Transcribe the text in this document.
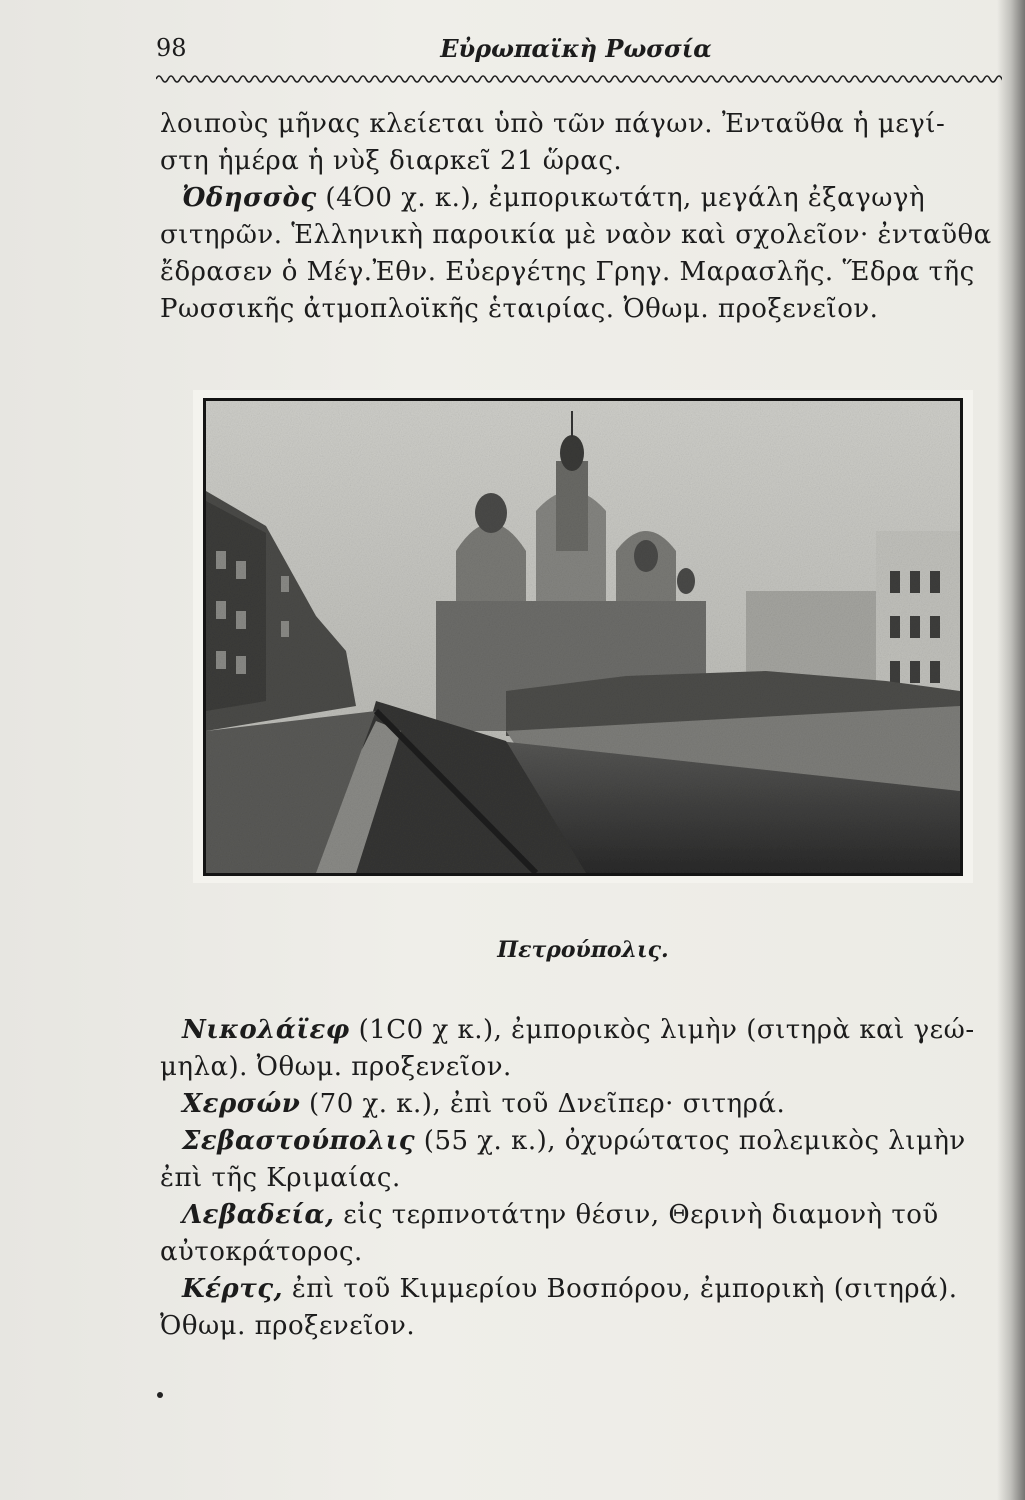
98	Εὐρωπαϊκὴ Ρωσσία

λοιποὺς μῆνας κλείεται ὑπὸ τῶν πάγων. Ἐνταῦθα ἡ μεγί-

στη ἡμέρα ἡ νὺξ διαρκεῖ 21 ὥρας.

Ὀδησσὸς (4Ό0 χ. κ.), ἐμπορικωτάτη, μεγάλη ἐξαγωγὴ

σιτηρῶν. Ἑλληνικὴ παροικία μὲ ναὸν καὶ σχολεῖον· ἐνταῦθα

ἔδρασεν ὁ Μέγ.Ἐθν. Εὐεργέτης Γρηγ. Μαρασλῆς. Ἕδρα τῆς

Ρωσσικῆς ἀτμοπλοϊκῆς ἑταιρίας. Ὀθωμ. προξενεῖον.

Πετρούπολις.

Νικολάϊεφ (1C0 χ κ.), ἐμπορικὸς λιμὴν (σιτηρὰ καὶ γεώ-

μηλα). Ὀθωμ. προξενεῖον.

Χερσών (70 χ. κ.), ἐπὶ τοῦ Δνεῖπερ· σιτηρά.

Σεβαστούπολις (55 χ. κ.), ὀχυρώτατος πολεμικὸς λιμὴν

ἐπὶ τῆς Κριμαίας.

Λεβαδεία, εἰς τερπνοτάτην θέσιν, Θερινὴ διαμονὴ τοῦ

αὐτοκράτορος.

Κέρτς, ἐπὶ τοῦ Κιμμερίου Βοσπόρου, ἐμπορικὴ (σιτηρά).

Ὀθωμ. προξενεῖον.
